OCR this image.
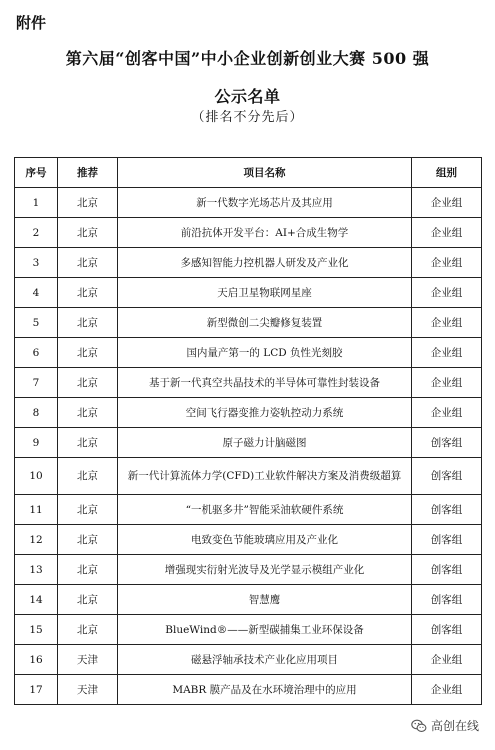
附件
第六届“创客中国”中小企业创新创业大赛 500 强
公示名单
（排名不分先后）
序号	推荐	项目名称	组别
1	北京	新一代数字光场芯片及其应用	企业组
2	北京	前沿抗体开发平台：AI+合成生物学	企业组
3	北京	多感知智能力控机器人研发及产业化	企业组
4	北京	天启卫星物联网星座	企业组
5	北京	新型微创二尖瓣修复装置	企业组
6	北京	国内量产第一的 LCD 负性光刻胶	企业组
7	北京	基于新一代真空共晶技术的半导体可靠性封装设备	企业组
8	北京	空间飞行器变推力姿轨控动力系统	企业组
9	北京	原子磁力计脑磁图	创客组
10	北京	新一代计算流体力学(CFD)工业软件解决方案及消费级超算	创客组
11	北京	“一机驱多井”智能采油软硬件系统	创客组
12	北京	电致变色节能玻璃应用及产业化	创客组
13	北京	增强现实衍射光波导及光学显示模组产业化	创客组
14	北京	智慧鹰	创客组
15	北京	BlueWind®——新型碳捕集工业环保设备	创客组
16	天津	磁悬浮轴承技术产业化应用项目	企业组
17	天津	MABR 膜产品及在水环境治理中的应用	企业组
高创在线
